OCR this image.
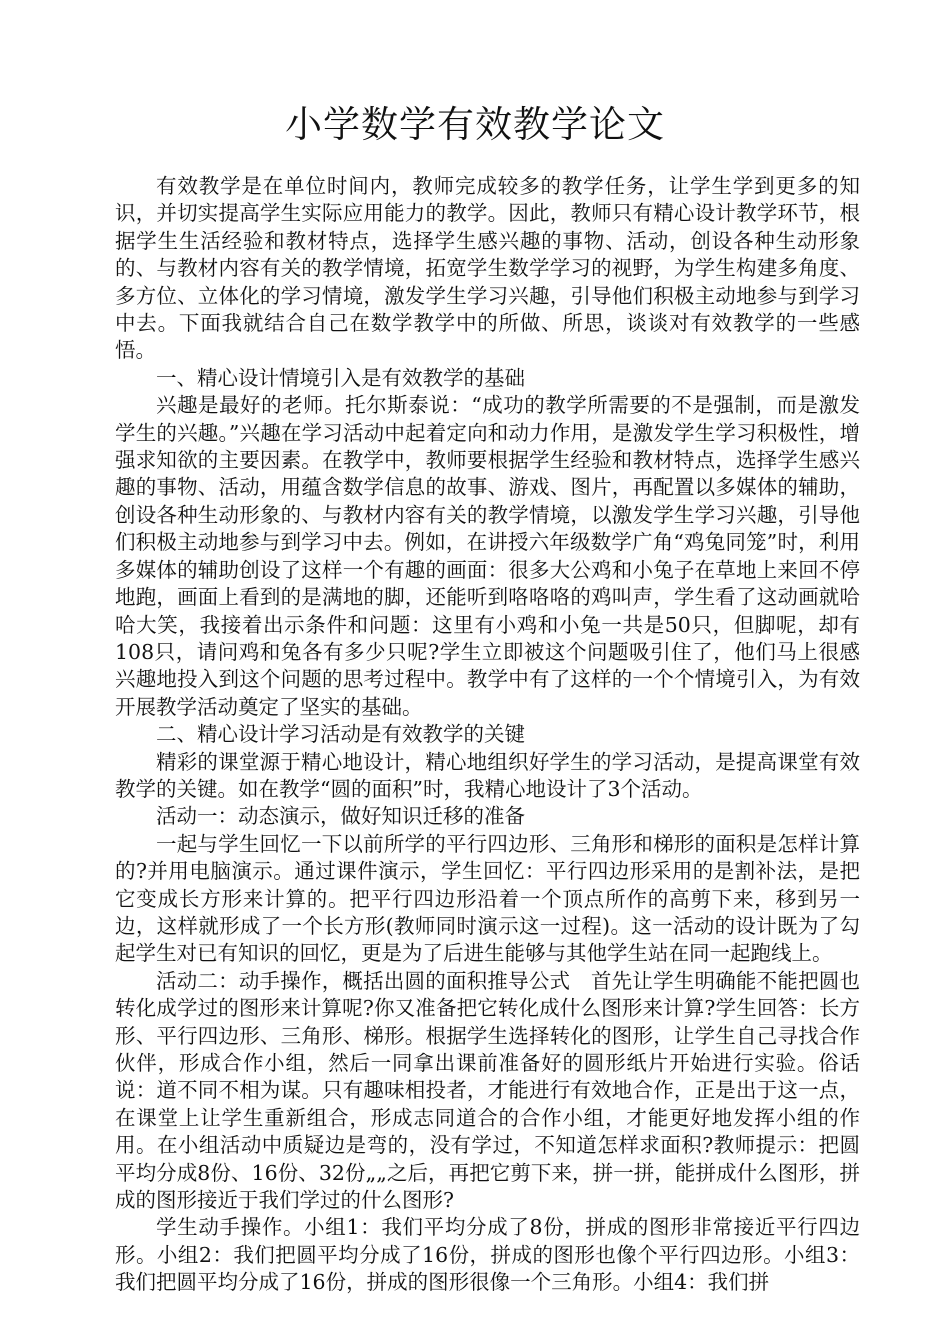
小学数学有效教学论文

有效教学是在单位时间内，教师完成较多的教学任务，让学生学到更多的知识，并切实提高学生实际应用能力的教学。因此，教师只有精心设计教学环节，根据学生生活经验和教材特点，选择学生感兴趣的事物、活动，创设各种生动形象的、与教材内容有关的教学情境，拓宽学生数学学习的视野，为学生构建多角度、多方位、立体化的学习情境，激发学生学习兴趣，引导他们积极主动地参与到学习中去。下面我就结合自己在数学教学中的所做、所思，谈谈对有效教学的一些感悟。

一、精心设计情境引入是有效教学的基础

兴趣是最好的老师。托尔斯泰说：“成功的教学所需要的不是强制，而是激发学生的兴趣。”兴趣在学习活动中起着定向和动力作用，是激发学生学习积极性，增强求知欲的主要因素。在教学中，教师要根据学生经验和教材特点，选择学生感兴趣的事物、活动，用蕴含数学信息的故事、游戏、图片，再配置以多媒体的辅助，创设各种生动形象的、与教材内容有关的教学情境，以激发学生学习兴趣，引导他们积极主动地参与到学习中去。例如，在讲授六年级数学广角“鸡兔同笼”时，利用多媒体的辅助创设了这样一个有趣的画面：很多大公鸡和小兔子在草地上来回不停地跑，画面上看到的是满地的脚，还能听到咯咯咯的鸡叫声，学生看了这动画就哈哈大笑，我接着出示条件和问题：这里有小鸡和小兔一共是50只，但脚呢，却有108只，请问鸡和兔各有多少只呢?学生立即被这个问题吸引住了，他们马上很感兴趣地投入到这个问题的思考过程中。教学中有了这样的一个个情境引入，为有效开展教学活动奠定了坚实的基础。

二、精心设计学习活动是有效教学的关键

精彩的课堂源于精心地设计，精心地组织好学生的学习活动，是提高课堂有效教学的关键。如在教学“圆的面积”时，我精心地设计了3个活动。

活动一：动态演示，做好知识迁移的准备

一起与学生回忆一下以前所学的平行四边形、三角形和梯形的面积是怎样计算的?并用电脑演示。通过课件演示，学生回忆：平行四边形采用的是割补法，是把它变成长方形来计算的。把平行四边形沿着一个顶点所作的高剪下来，移到另一边，这样就形成了一个长方形(教师同时演示这一过程)。这一活动的设计既为了勾起学生对已有知识的回忆，更是为了后进生能够与其他学生站在同一起跑线上。

活动二：动手操作，概括出圆的面积推导公式　首先让学生明确能不能把圆也转化成学过的图形来计算呢?你又准备把它转化成什么图形来计算?学生回答：长方形、平行四边形、三角形、梯形。根据学生选择转化的图形，让学生自己寻找合作伙伴，形成合作小组，然后一同拿出课前准备好的圆形纸片开始进行实验。俗话说：道不同不相为谋。只有趣味相投者，才能进行有效地合作，正是出于这一点，在课堂上让学生重新组合，形成志同道合的合作小组，才能更好地发挥小组的作用。在小组活动中质疑边是弯的，没有学过，不知道怎样求面积?教师提示：把圆平均分成8份、16份、32份„„之后，再把它剪下来，拼一拼，能拼成什么图形，拼成的图形接近于我们学过的什么图形?

学生动手操作。小组1：我们平均分成了8份，拼成的图形非常接近平行四边形。小组2：我们把圆平均分成了16份，拼成的图形也像个平行四边形。小组3：我们把圆平均分成了16份，拼成的图形很像一个三角形。小组4：我们拼
